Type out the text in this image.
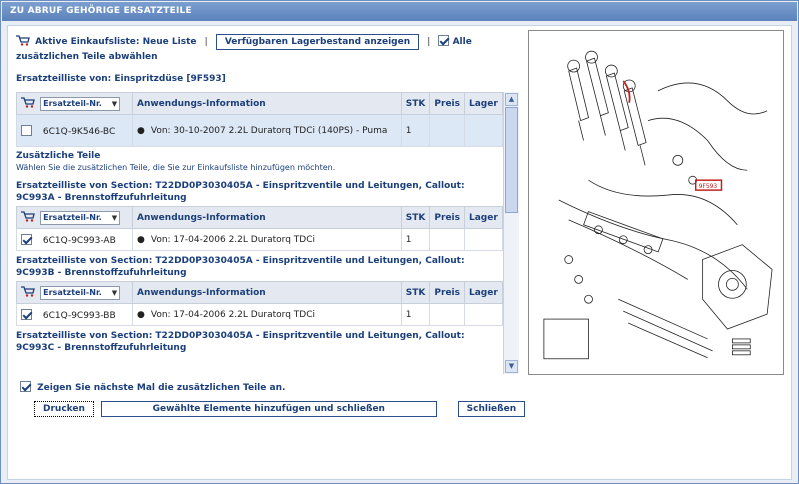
ZU ABRUF GEHÖRIGE ERSATZTEILE
Aktive Einkaufsliste: Neue Liste | Verfügbaren Lagerbestand anzeigen | Alle zusätzlichen Teile abwählen
Ersatzteilliste von: Einspritzdüse [9F593]
Ersatzteil-Nr. ▼	Anwendungs-Information	STK	Preis	Lager
6C1Q-9K546-BC	● Von: 30-10-2007 2.2L Duratorq TDCi (140PS) - Puma	1		
Zusätzliche Teile
Wählen Sie die zusätzlichen Teile, die Sie zur Einkaufsliste hinzufügen möchten.
Ersatzteilliste von Section: T22DD0P3030405A - Einspritzventile und Leitungen, Callout: 9C993A - Brennstoffzufuhrleitung
Ersatzteil-Nr. ▼	Anwendungs-Information	STK	Preis	Lager
6C1Q-9C993-AB	● Von: 17-04-2006 2.2L Duratorq TDCi	1		
Ersatzteilliste von Section: T22DD0P3030405A - Einspritzventile und Leitungen, Callout: 9C993B - Brennstoffzufuhrleitung
Ersatzteil-Nr. ▼	Anwendungs-Information	STK	Preis	Lager
6C1Q-9C993-BB	● Von: 17-04-2006 2.2L Duratorq TDCi	1		
Ersatzteilliste von Section: T22DD0P3030405A - Einspritzventile und Leitungen, Callout: 9C993C - Brennstoffzufuhrleitung
▲
▼
Zeigen Sie nächste Mal die zusätzlichen Teile an.
Drucken	Gewählte Elemente hinzufügen und schließen	Schließen
9F593
